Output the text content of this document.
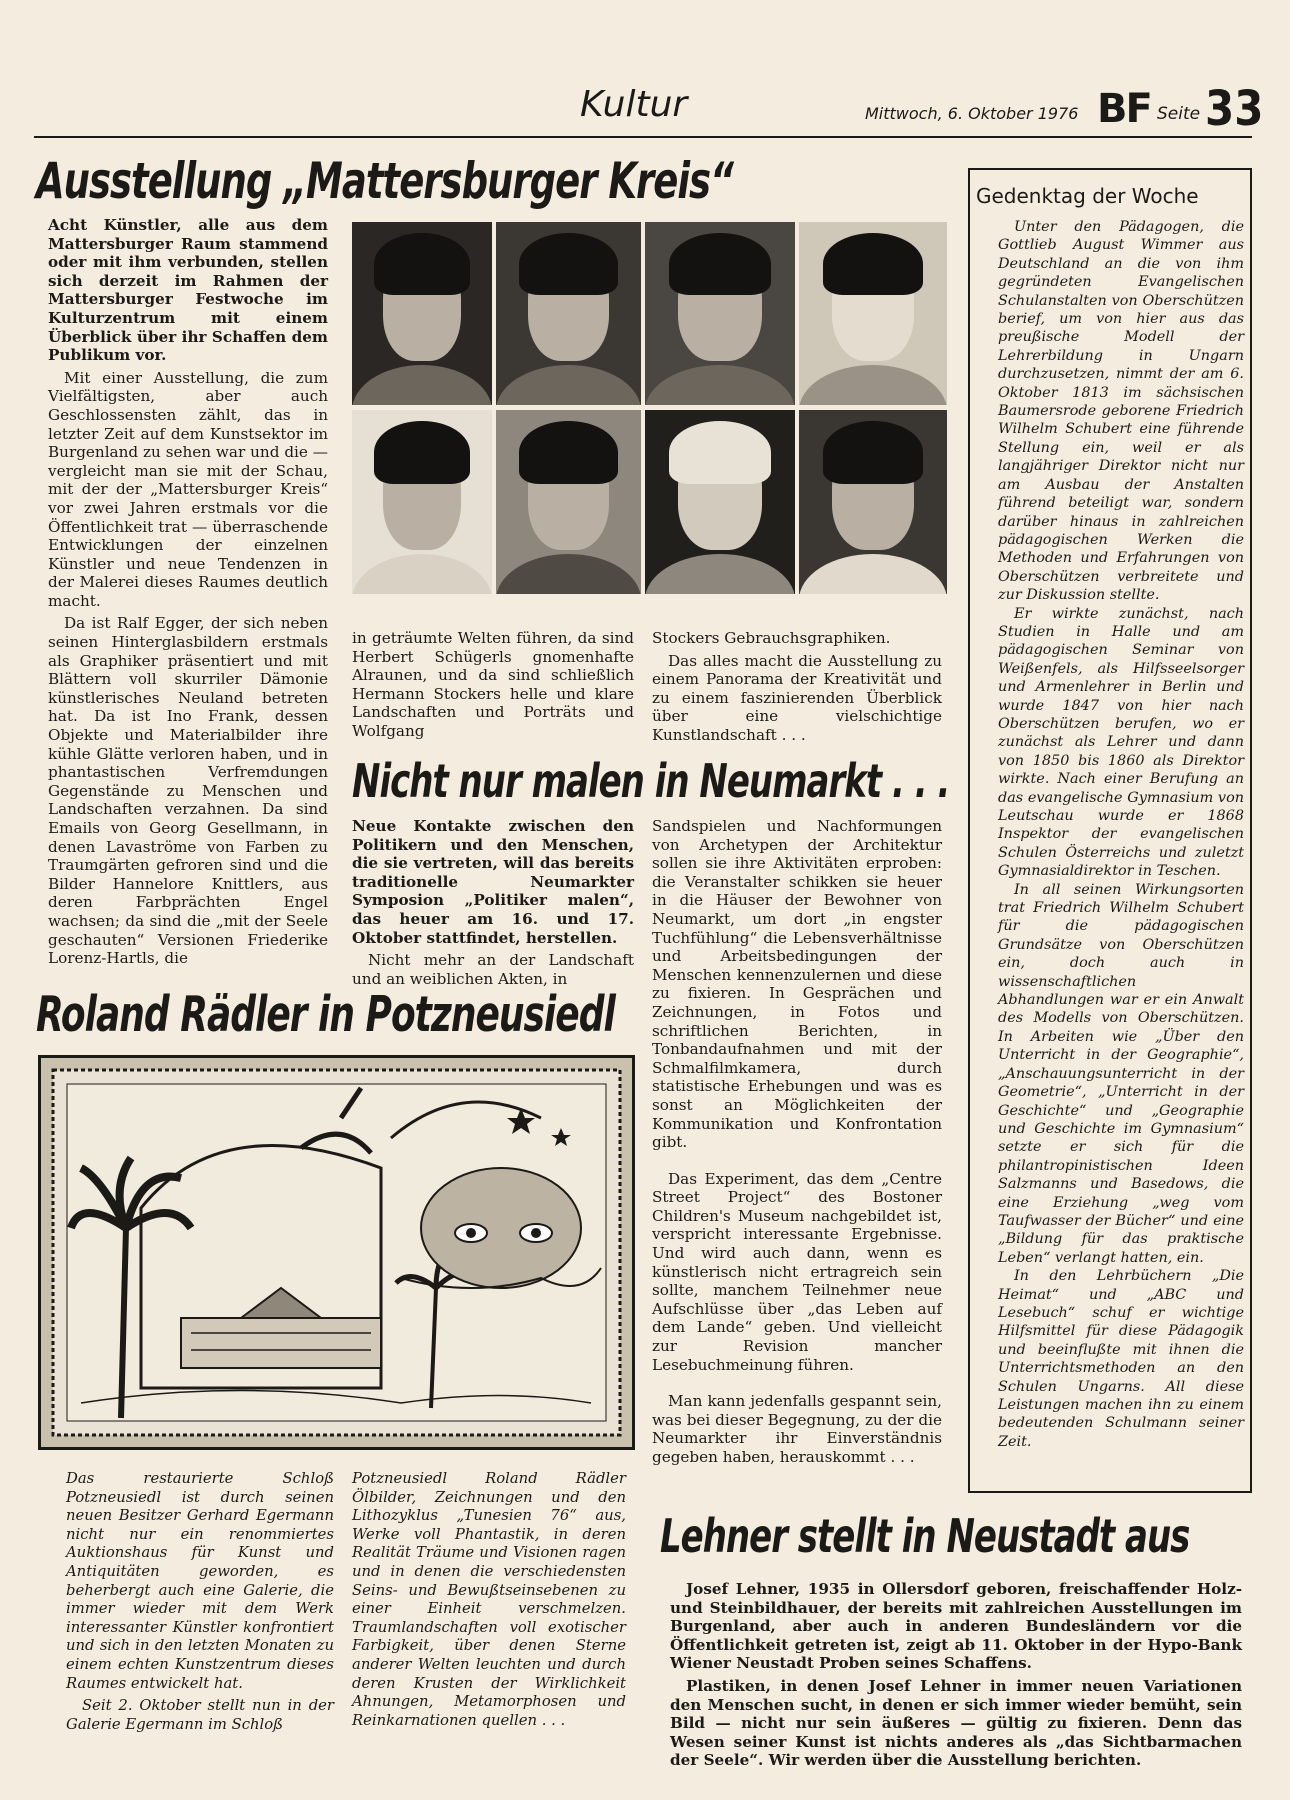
Kultur	Mittwoch, 6. Oktober 1976 BF Seite 33
Ausstellung „Mattersburger Kreis“

Acht Künstler, alle aus dem Mattersburger Raum stammend oder mit ihm verbunden, stellen sich derzeit im Rahmen der Mattersburger Festwoche im Kulturzentrum mit einem Überblick über ihr Schaffen dem Publikum vor.

Mit einer Ausstellung, die zum Vielfältigsten, aber auch Geschlossensten zählt, das in letzter Zeit auf dem Kunstsektor im Burgenland zu sehen war und die — vergleicht man sie mit der Schau, mit der der „Mattersburger Kreis“ vor zwei Jahren erstmals vor die Öffentlichkeit trat — überraschende Entwicklungen der einzelnen Künstler und neue Tendenzen in der Malerei dieses Raumes deutlich macht.

Da ist Ralf Egger, der sich neben seinen Hinterglasbildern erstmals als Graphiker präsentiert und mit Blättern voll skurriler Dämonie künstlerisches Neuland betreten hat. Da ist Ino Frank, dessen Objekte und Materialbilder ihre kühle Glätte verloren haben, und in phantastischen Verfremdungen Gegenstände zu Menschen und Landschaften verzahnen. Da sind Emails von Georg Gesellmann, in denen Lavaströme von Farben zu Traumgärten gefroren sind und die Bilder Hannelore Knittlers, aus deren Farbprächten Engel wachsen; da sind die „mit der Seele geschauten“ Versionen Friederike Lorenz-Hartls, die

in geträumte Welten führen, da sind Herbert Schügerls gnomenhafte Alraunen, und da sind schließlich Hermann Stockers helle und klare Landschaften und Porträts und Wolfgang

Stockers Gebrauchsgraphiken.

Das alles macht die Ausstellung zu einem Panorama der Kreativität und zu einem faszinierenden Überblick über eine vielschichtige Kunstlandschaft . . .

Nicht nur malen in Neumarkt . . .

Neue Kontakte zwischen den Politikern und den Menschen, die sie vertreten, will das bereits traditionelle Neumarkter Symposion „Politiker malen“, das heuer am 16. und 17. Oktober stattfindet, herstellen.

Nicht mehr an der Landschaft und an weiblichen Akten, in

Sandspielen und Nachformungen von Archetypen der Architektur sollen sie ihre Aktivitäten erproben: die Veranstalter schikken sie heuer in die Häuser der Bewohner von Neumarkt, um dort „in engster Tuchfühlung“ die Lebensverhältnisse und Arbeitsbedingungen der Menschen kennenzulernen und diese zu fixieren. In Gesprächen und Zeichnungen, in Fotos und schriftlichen Berichten, in Tonbandaufnahmen und mit der Schmalfilmkamera, durch statistische Erhebungen und was es sonst an Möglichkeiten der Kommunikation und Konfrontation gibt.

Das Experiment, das dem „Centre Street Project“ des Bostoner Children's Museum nachgebildet ist, verspricht interessante Ergebnisse. Und wird auch dann, wenn es künstlerisch nicht ertragreich sein sollte, manchem Teilnehmer neue Aufschlüsse über „das Leben auf dem Lande“ geben. Und vielleicht zur Revision mancher Lesebuchmeinung führen.

Man kann jedenfalls gespannt sein, was bei dieser Begegnung, zu der die Neumarkter ihr Einverständnis gegeben haben, herauskommt . . .

Roland Rädler in Potzneusiedl

Das restaurierte Schloß Potzneusiedl ist durch seinen neuen Besitzer Gerhard Egermann nicht nur ein renommiertes Auktionshaus für Kunst und Antiquitäten geworden, es beherbergt auch eine Galerie, die immer wieder mit dem Werk interessanter Künstler konfrontiert und sich in den letzten Monaten zu einem echten Kunstzentrum dieses Raumes entwickelt hat.

Seit 2. Oktober stellt nun in der Galerie Egermann im Schloß

Potzneusiedl Roland Rädler Ölbilder, Zeichnungen und den Lithozyklus „Tunesien 76“ aus, Werke voll Phantastik, in deren Realität Träume und Visionen ragen und in denen die verschiedensten Seins- und Bewußtseinsebenen zu einer Einheit verschmelzen. Traumlandschaften voll exotischer Farbigkeit, über denen Sterne anderer Welten leuchten und durch deren Krusten der Wirklichkeit Ahnungen, Metamorphosen und Reinkarnationen quellen . . .

Gedenktag der Woche

Unter den Pädagogen, die Gottlieb August Wimmer aus Deutschland an die von ihm gegründeten Evangelischen Schulanstalten von Oberschützen berief, um von hier aus das preußische Modell der Lehrerbildung in Ungarn durchzusetzen, nimmt der am 6. Oktober 1813 im sächsischen Baumersrode geborene Friedrich Wilhelm Schubert eine führende Stellung ein, weil er als langjähriger Direktor nicht nur am Ausbau der Anstalten führend beteiligt war, sondern darüber hinaus in zahlreichen pädagogischen Werken die Methoden und Erfahrungen von Oberschützen verbreitete und zur Diskussion stellte.

Er wirkte zunächst, nach Studien in Halle und am pädagogischen Seminar von Weißenfels, als Hilfsseelsorger und Armenlehrer in Berlin und wurde 1847 von hier nach Oberschützen berufen, wo er zunächst als Lehrer und dann von 1850 bis 1860 als Direktor wirkte. Nach einer Berufung an das evangelische Gymnasium von Leutschau wurde er 1868 Inspektor der evangelischen Schulen Österreichs und zuletzt Gymnasialdirektor in Teschen.

In all seinen Wirkungsorten trat Friedrich Wilhelm Schubert für die pädagogischen Grundsätze von Oberschützen ein, doch auch in wissenschaftlichen Abhandlungen war er ein Anwalt des Modells von Oberschützen. In Arbeiten wie „Über den Unterricht in der Geographie“, „Anschauungsunterricht in der Geometrie“, „Unterricht in der Geschichte“ und „Geographie und Geschichte im Gymnasium“ setzte er sich für die philantropinistischen Ideen Salzmanns und Basedows, die eine Erziehung „weg vom Taufwasser der Bücher“ und eine „Bildung für das praktische Leben“ verlangt hatten, ein.

In den Lehrbüchern „Die Heimat“ und „ABC und Lesebuch“ schuf er wichtige Hilfsmittel für diese Pädagogik und beeinflußte mit ihnen die Unterrichtsmethoden an den Schulen Ungarns. All diese Leistungen machen ihn zu einem bedeutenden Schulmann seiner Zeit.

Lehner stellt in Neustadt aus

Josef Lehner, 1935 in Ollersdorf geboren, freischaffender Holz- und Steinbildhauer, der bereits mit zahlreichen Ausstellungen im Burgenland, aber auch in anderen Bundesländern vor die Öffentlichkeit getreten ist, zeigt ab 11. Oktober in der Hypo-Bank Wiener Neustadt Proben seines Schaffens.

Plastiken, in denen Josef Lehner in immer neuen Variationen den Menschen sucht, in denen er sich immer wieder bemüht, sein Bild — nicht nur sein äußeres — gültig zu fixieren. Denn das Wesen seiner Kunst ist nichts anderes als „das Sichtbarmachen der Seele“. Wir werden über die Ausstellung berichten.
